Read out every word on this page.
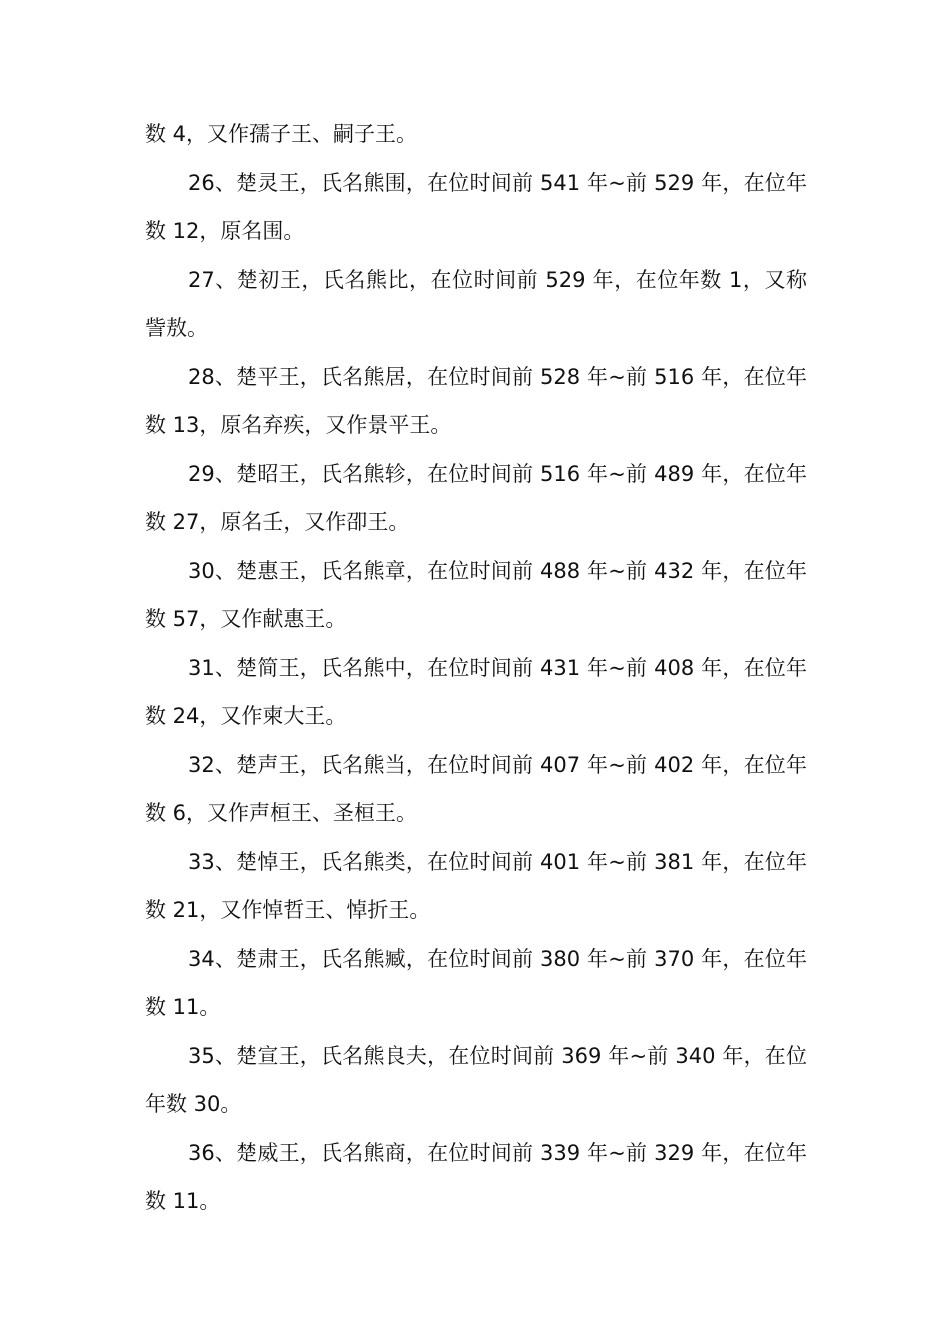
数 4，又作孺子王、嗣子王。

26、楚灵王，氏名熊围，在位时间前 541 年~前 529 年，在位年数 12，原名围。

27、楚初王，氏名熊比，在位时间前 529 年，在位年数 1，又称訾敖。

28、楚平王，氏名熊居，在位时间前 528 年~前 516 年，在位年数 13，原名弃疾，又作景平王。

29、楚昭王，氏名熊轸，在位时间前 516 年~前 489 年，在位年数 27，原名壬，又作卲王。

30、楚惠王，氏名熊章，在位时间前 488 年~前 432 年，在位年数 57，又作献惠王。

31、楚简王，氏名熊中，在位时间前 431 年~前 408 年，在位年数 24，又作柬大王。

32、楚声王，氏名熊当，在位时间前 407 年~前 402 年，在位年数 6，又作声桓王、圣桓王。

33、楚悼王，氏名熊类，在位时间前 401 年~前 381 年，在位年数 21，又作悼哲王、悼折王。

34、楚肃王，氏名熊臧，在位时间前 380 年~前 370 年，在位年数 11。

35、楚宣王，氏名熊良夫，在位时间前 369 年~前 340 年，在位年数 30。

36、楚威王，氏名熊商，在位时间前 339 年~前 329 年，在位年数 11。
